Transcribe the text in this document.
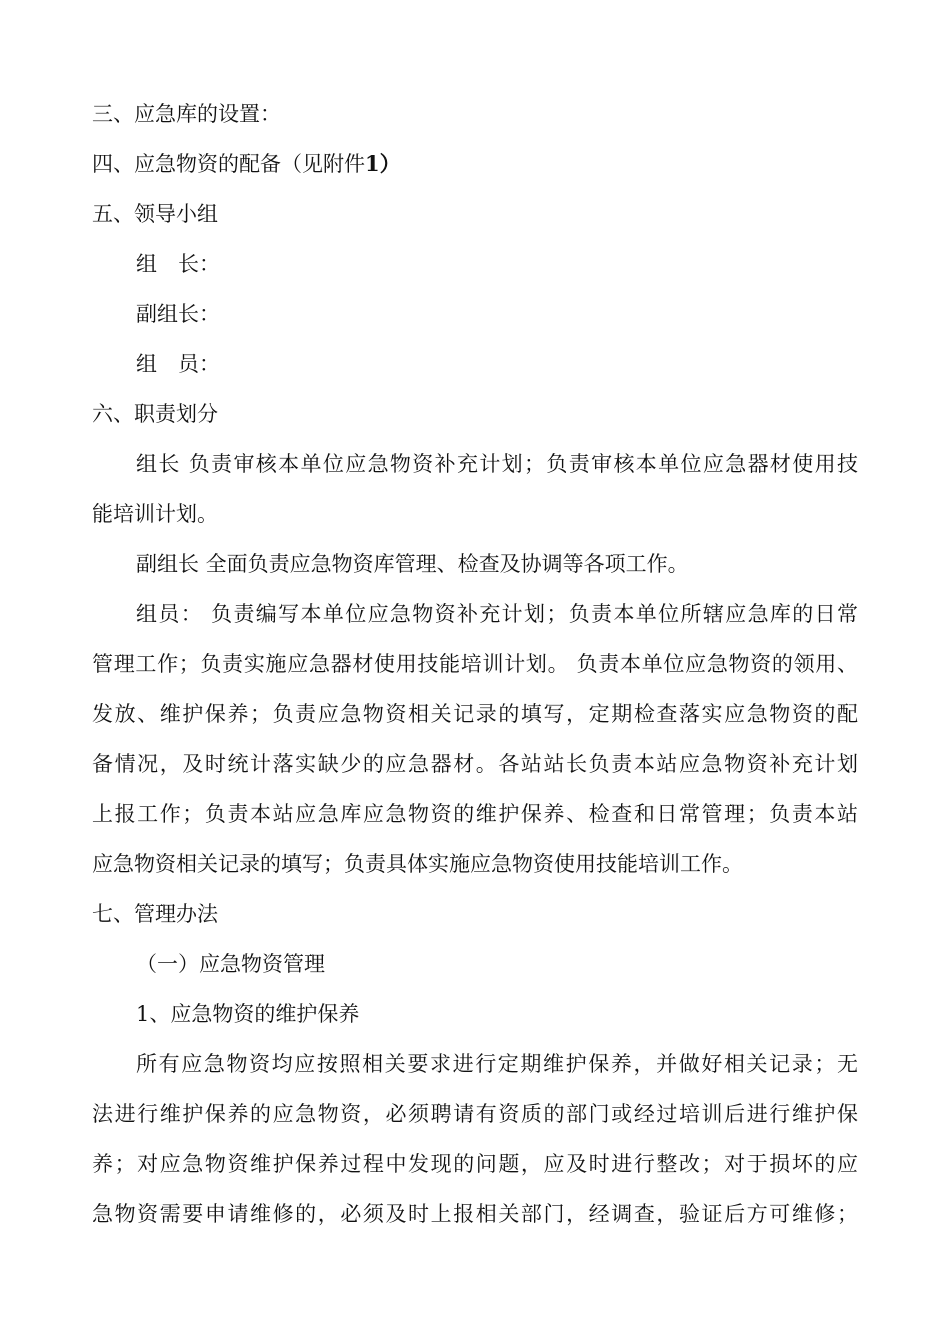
三、应急库的设置：
四、应急物资的配备（见附件1）
五、领导小组
组　长：
副组长：
组　员：
六、职责划分
组长 负责审核本单位应急物资补充计划；负责审核本单位应急器材使用技
能培训计划。
副组长 全面负责应急物资库管理、检查及协调等各项工作。
组员： 负责编写本单位应急物资补充计划；负责本单位所辖应急库的日常
管理工作；负责实施应急器材使用技能培训计划。 负责本单位应急物资的领用、
发放、维护保养；负责应急物资相关记录的填写，定期检查落实应急物资的配
备情况，及时统计落实缺少的应急器材。各站站长负责本站应急物资补充计划
上报工作；负责本站应急库应急物资的维护保养、检查和日常管理；负责本站
应急物资相关记录的填写；负责具体实施应急物资使用技能培训工作。
七、管理办法
（一）应急物资管理
1、应急物资的维护保养
所有应急物资均应按照相关要求进行定期维护保养，并做好相关记录；无
法进行维护保养的应急物资，必须聘请有资质的部门或经过培训后进行维护保
养；对应急物资维护保养过程中发现的问题，应及时进行整改；对于损坏的应
急物资需要申请维修的，必须及时上报相关部门，经调查，验证后方可维修；
